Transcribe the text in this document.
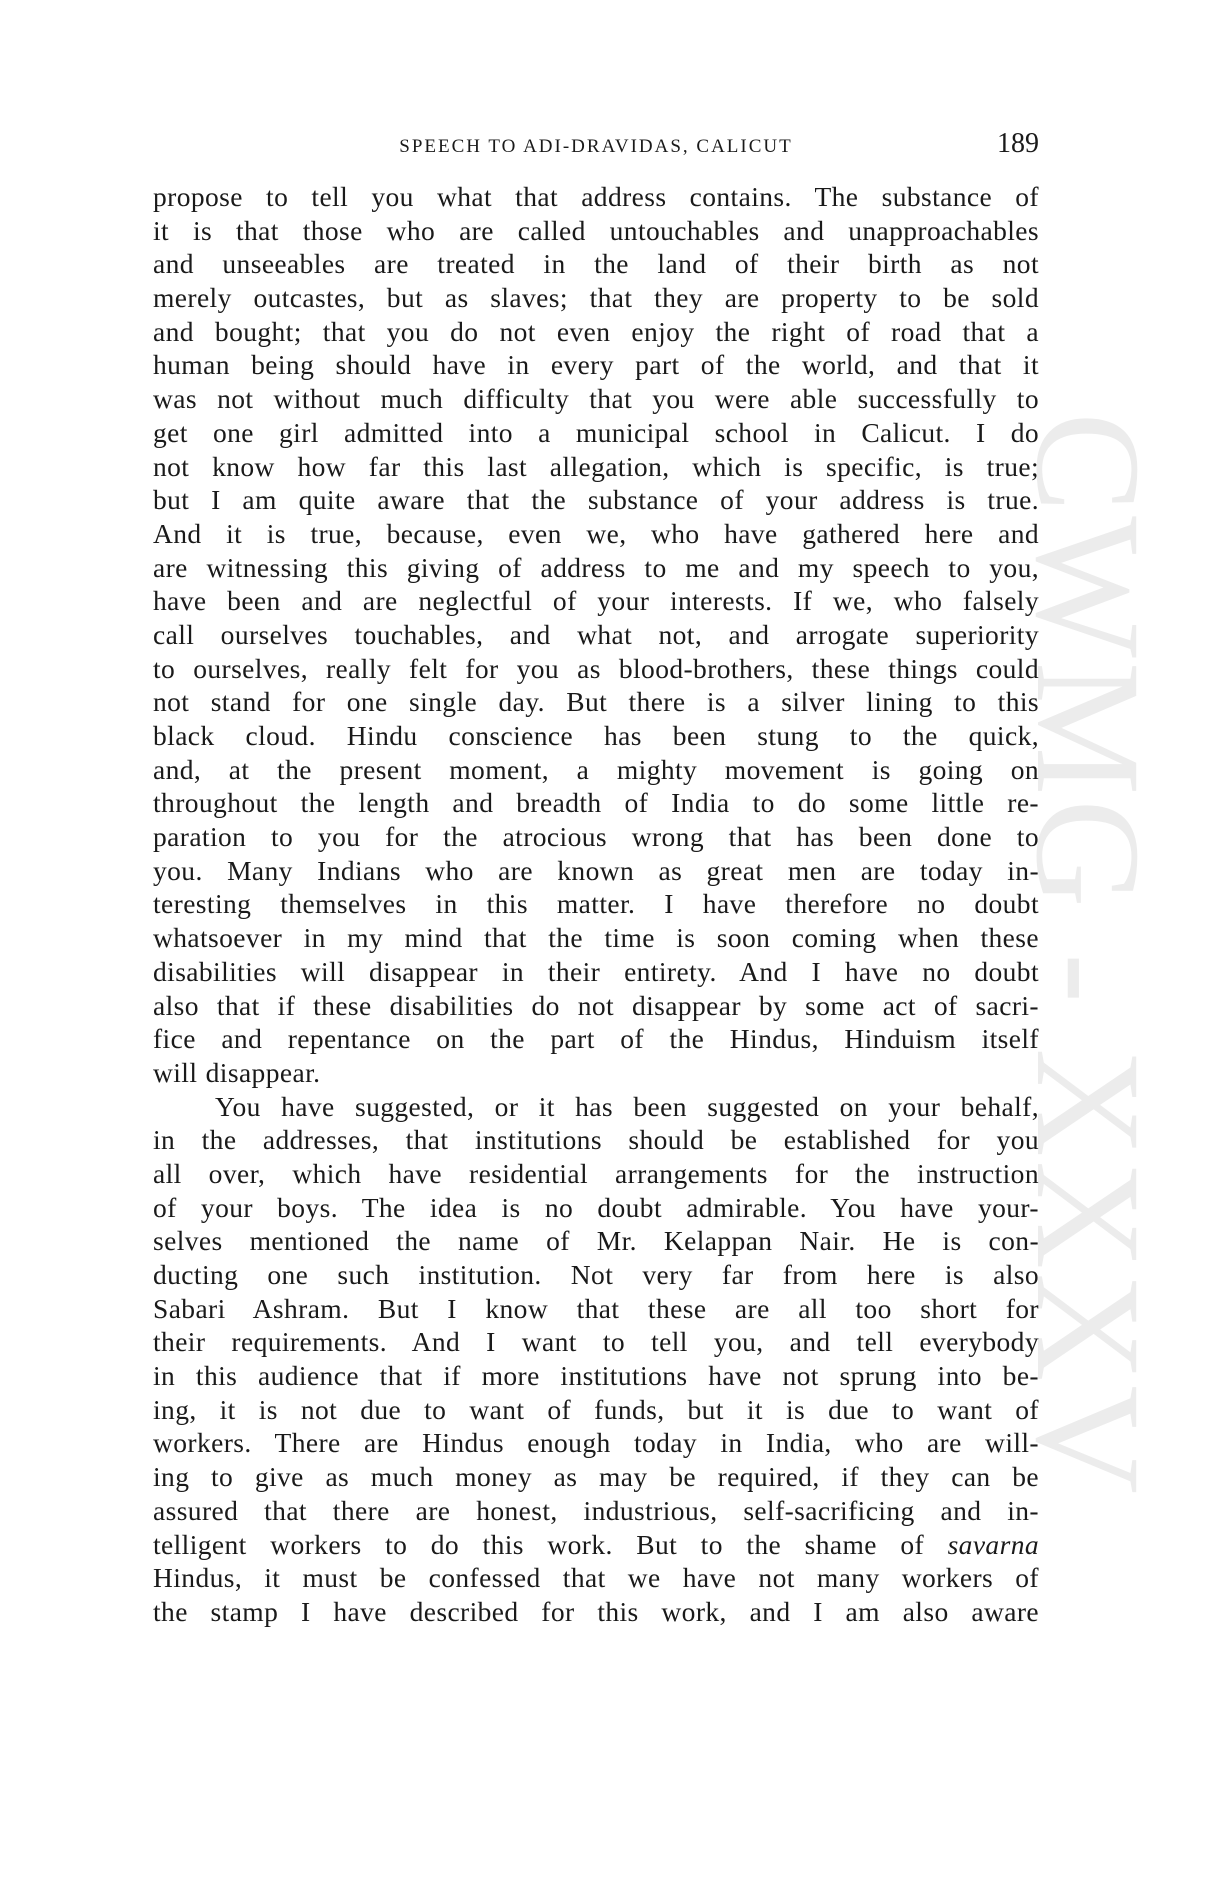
CWMG - XXXV
SPEECH TO ADI-DRAVIDAS, CALICUT	189
propose to tell you what that address contains. The substance of
it is that those who are called untouchables and unapproachables
and unseeables are treated in the land of their birth as not
merely outcastes, but as slaves; that they are property to be sold
and bought; that you do not even enjoy the right of road that a
human being should have in every part of the world, and that it
was not without much difficulty that you were able successfully to
get one girl admitted into a municipal school in Calicut. I do
not know how far this last allegation, which is specific, is true;
but I am quite aware that the substance of your address is true.
And it is true, because, even we, who have gathered here and
are witnessing this giving of address to me and my speech to you,
have been and are neglectful of your interests. If we, who falsely
call ourselves touchables, and what not, and arrogate superiority
to ourselves, really felt for you as blood-brothers, these things could
not stand for one single day. But there is a silver lining to this
black cloud. Hindu conscience has been stung to the quick,
and, at the present moment, a mighty movement is going on
throughout the length and breadth of India to do some little re-
paration to you for the atrocious wrong that has been done to
you. Many Indians who are known as great men are today in-
teresting themselves in this matter. I have therefore no doubt
whatsoever in my mind that the time is soon coming when these
disabilities will disappear in their entirety. And I have no doubt
also that if these disabilities do not disappear by some act of sacri-
fice and repentance on the part of the Hindus, Hinduism itself
will disappear.
You have suggested, or it has been suggested on your behalf,
in the addresses, that institutions should be established for you
all over, which have residential arrangements for the instruction
of your boys. The idea is no doubt admirable. You have your-
selves mentioned the name of Mr. Kelappan Nair. He is con-
ducting one such institution. Not very far from here is also
Sabari Ashram. But I know that these are all too short for
their requirements. And I want to tell you, and tell everybody
in this audience that if more institutions have not sprung into be-
ing, it is not due to want of funds, but it is due to want of
workers. There are Hindus enough today in India, who are will-
ing to give as much money as may be required, if they can be
assured that there are honest, industrious, self-sacrificing and in-
telligent workers to do this work. But to the shame of savarna
Hindus, it must be confessed that we have not many workers of
the stamp I have described for this work, and I am also aware
